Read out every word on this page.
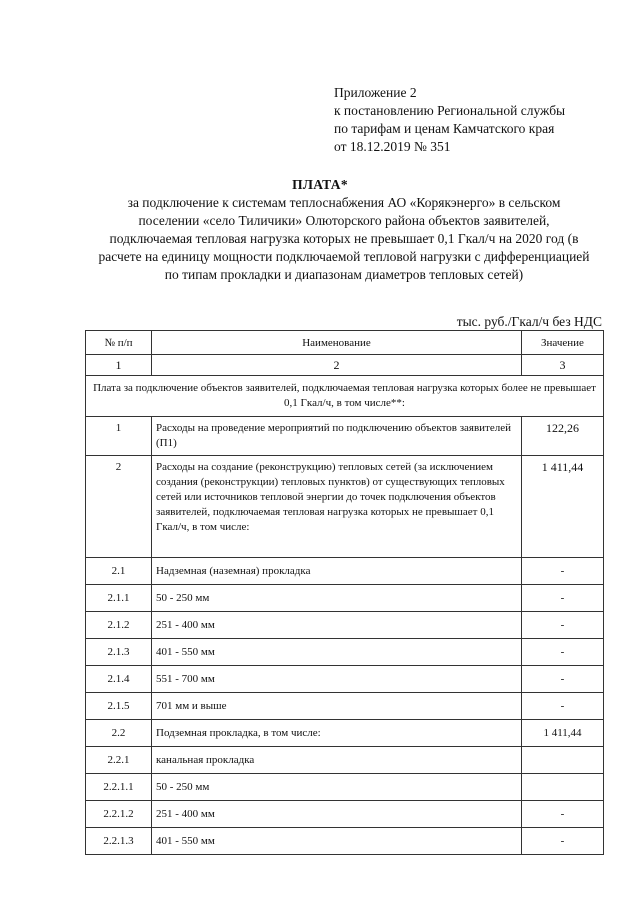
Приложение 2
к постановлению Региональной службы
по тарифам и ценам Камчатского края
от 18.12.2019 № 351
ПЛАТА*
за подключение к системам теплоснабжения АО «Корякэнерго» в сельском поселении «село Тиличики» Олюторского района объектов заявителей, подключаемая тепловая нагрузка которых не превышает 0,1 Гкал/ч на 2020 год (в расчете на единицу мощности подключаемой тепловой нагрузки с дифференциацией по типам прокладки и диапазонам диаметров тепловых сетей)
тыс. руб./Гкал/ч без НДС
№ п/п	Наименование	Значение
1	2	3
Плата за подключение объектов заявителей, подключаемая тепловая нагрузка которых более не превышает 0,1 Гкал/ч, в том числе**:		
1	Расходы на проведение мероприятий по подключению объектов заявителей (П1)	122,26
2	Расходы на создание (реконструкцию) тепловых сетей (за исключением создания (реконструкции) тепловых пунктов) от существующих тепловых сетей или источников тепловой энергии до точек подключения объектов заявителей, подключаемая тепловая нагрузка которых не превышает 0,1 Гкал/ч, в том числе:	1 411,44
2.1	Надземная (наземная) прокладка	-
2.1.1	50 - 250 мм	-
2.1.2	251 - 400 мм	-
2.1.3	401 - 550 мм	-
2.1.4	551 - 700 мм	-
2.1.5	701 мм и выше	-
2.2	Подземная прокладка, в том числе:	1 411,44
2.2.1	канальная прокладка	
2.2.1.1	50 - 250 мм	
2.2.1.2	251 - 400 мм	-
2.2.1.3	401 - 550 мм	-
